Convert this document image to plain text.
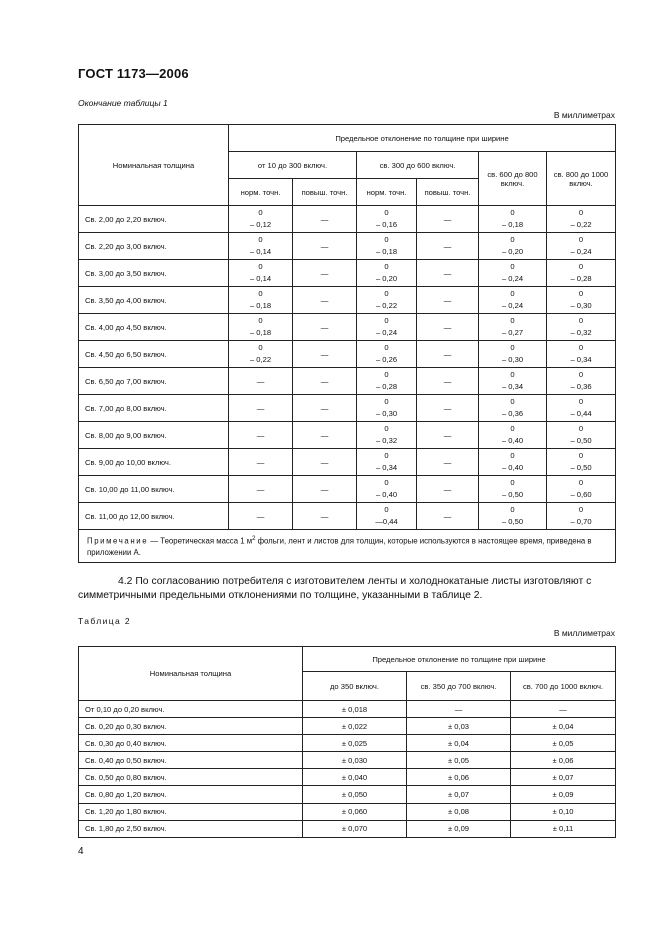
ГОСТ 1173—2006
Окончание таблицы 1
В миллиметрах
Номинальная толщина	Предельное отклонение по толщине при ширине					
	от 10 до 300 включ.		св. 300 до 600 включ.		св. 600 до 800 включ.	св. 800 до 1000 включ.
	норм. точн.	повыш. точн.	норм. точн.	повыш. точн.		
Св. 2,00 до 2,20 включ.	0
– 0,12	—	0
– 0,16	—	0
– 0,18	0
– 0,22

Св. 2,20 до 3,00 включ.	0
– 0,14	—	0
– 0,18	—	0
– 0,20	0
– 0,24

Св. 3,00 до 3,50 включ.	0
– 0,14	—	0
– 0,20	—	0
– 0,24	0
– 0,28

Св. 3,50 до 4,00 включ.	0
– 0,18	—	0
– 0,22	—	0
– 0,24	0
– 0,30

Св. 4,00 до 4,50 включ.	0
– 0,18	—	0
– 0,24	—	0
– 0,27	0
– 0,32

Св. 4,50 до 6,50 включ.	0
– 0,22	—	0
– 0,26	—	0
– 0,30	0
– 0,34

Св. 6,50 до 7,00 включ.	—	—	0
– 0,28	—	0
– 0,34	0
– 0,36

Св. 7,00 до 8,00 включ.	—	—	0
– 0,30	—	0
– 0,36	0
– 0,44

Св. 8,00 до 9,00 включ.	—	—	0
– 0,32	—	0
– 0,40	0
– 0,50

Св. 9,00 до 10,00 включ.	—	—	0
– 0,34	—	0
– 0,40	0
– 0,50

Св. 10,00 до 11,00 включ.	—	—	0
– 0,40	—	0
– 0,50	0
– 0,60

Св. 11,00 до 12,00 включ.	—	—	0
—0,44	—	0
– 0,50	0
– 0,70

Примечание — Теоретическая масса 1 $м^2$ фольги, лент и листов для толщин, которые используются в настоящее время, приведена в приложении А.						
4.2 По согласованию потребителя с изготовителем ленты и холоднокатаные листы изготовляют с симметричными предельными отклонениями по толщине, указанными в таблице 2.
Таблица 2
В миллиметрах
Номинальная толщина	Предельное отклонение по толщине при ширине		
	до 350 включ.	св. 350 до 700 включ.	св. 700 до 1000 включ.
От 0,10 до 0,20 включ.	± 0,018	—	—
Св. 0,20 до 0,30 включ.	± 0,022	± 0,03	± 0,04
Св. 0,30 до 0,40 включ.	± 0,025	± 0,04	± 0,05
Св. 0,40 до 0,50 включ.	± 0,030	± 0,05	± 0,06
Св. 0,50 до 0,80 включ.	± 0,040	± 0,06	± 0,07
Св. 0,80 до 1,20 включ.	± 0,050	± 0,07	± 0,09
Св. 1,20 до 1,80 включ.	± 0,060	± 0,08	± 0,10
Св. 1,80 до 2,50 включ.	± 0,070	± 0,09	± 0,11
4
